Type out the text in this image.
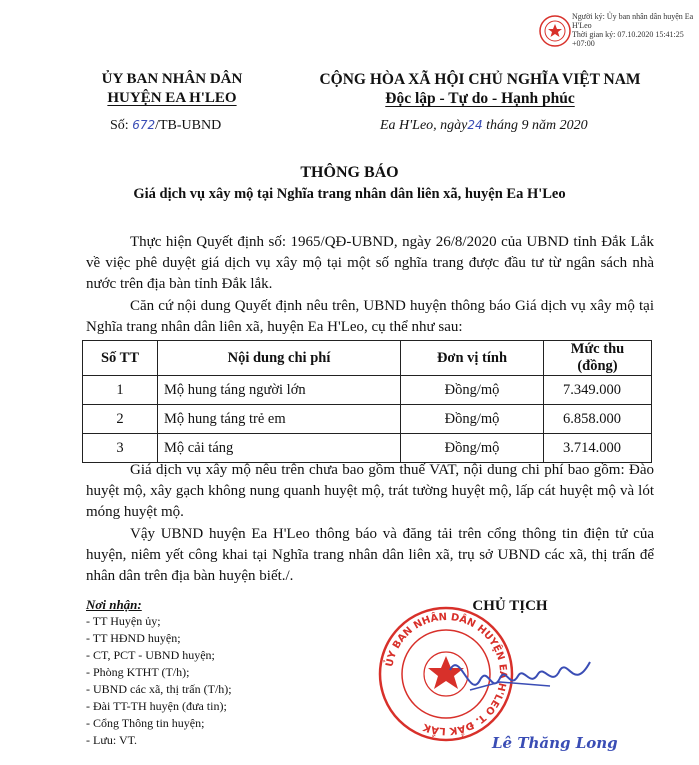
Người ký: Ủy ban nhân dân huyện Ea H'Leo
Thời gian ký: 07.10.2020 15:41:25 +07:00
ỦY BAN NHÂN DÂN
HUYỆN EA H'LEO
CỘNG HÒA XÃ HỘI CHỦ NGHĨA VIỆT NAM
Độc lập - Tự do - Hạnh phúc
Số: 672/TB-UBND	Ea H'Leo, ngày24 tháng 9 năm 2020
THÔNG BÁO
Giá dịch vụ xây mộ tại Nghĩa trang nhân dân liên xã, huyện Ea H'Leo
Thực hiện Quyết định số: 1965/QĐ-UBND, ngày 26/8/2020 của UBND tỉnh Đắk Lắk về việc phê duyệt giá dịch vụ xây mộ tại một số nghĩa trang được đầu tư từ ngân sách nhà nước trên địa bàn tỉnh Đắk lắk.
Căn cứ nội dung Quyết định nêu trên, UBND huyện thông báo Giá dịch vụ xây mộ tại Nghĩa trang nhân dân liên xã, huyện Ea H'Leo, cụ thể như sau:
Số TT	Nội dung chi phí	Đơn vị tính	Mức thu (đồng)
1	Mộ hung táng người lớn	Đồng/mộ	7.349.000
2	Mộ hung táng trẻ em	Đồng/mộ	6.858.000
3	Mộ cải táng	Đồng/mộ	3.714.000
Giá dịch vụ xây mộ nêu trên chưa bao gồm thuế VAT, nội dung chi phí bao gồm: Đào huyệt mộ, xây gạch không nung quanh huyệt mộ, trát tường huyệt mộ, lấp cát huyệt mộ và lót móng huyệt mộ.
Vậy UBND huyện Ea H'Leo thông báo và đăng tải trên cổng thông tin điện tử của huyện, niêm yết công khai tại Nghĩa trang nhân dân liên xã, trụ sở UBND các xã, thị trấn để nhân dân trên địa bàn huyện biết./.
Nơi nhận:
- TT Huyện ủy;
- TT HĐND huyện;
- CT, PCT - UBND huyện;
- Phòng KTHT (T/h);
- UBND các xã, thị trấn (T/h);
- Đài TT-TH huyện (đưa tin);
- Cổng Thông tin huyện;
- Lưu: VT.
CHỦ TỊCH
ỦY BAN NHÂN DÂN HUYỆN EA H'LEO T. ĐẮK LẮK
Lê Thăng Long
